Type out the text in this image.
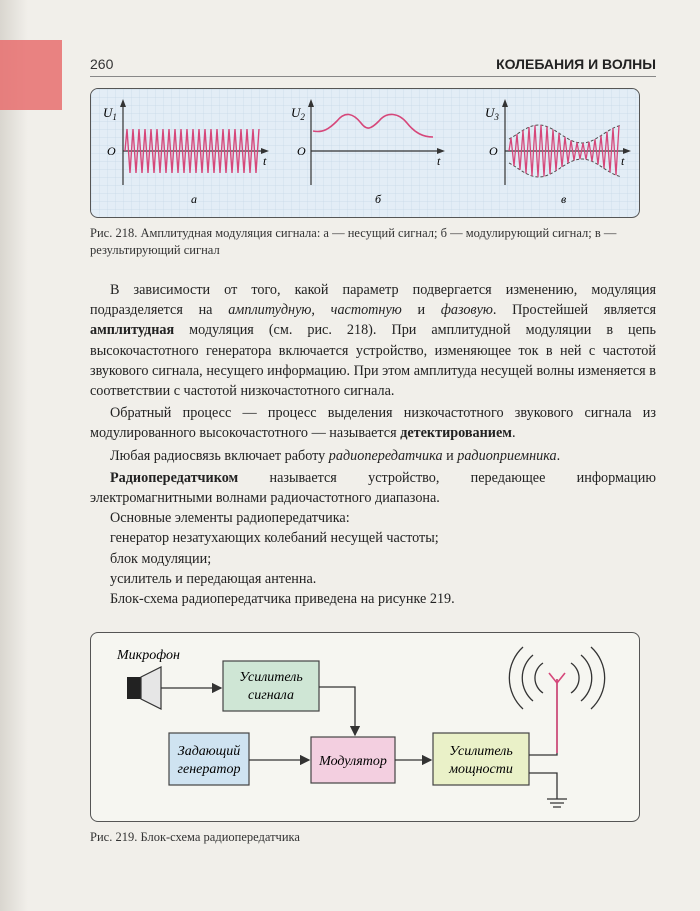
260	КОЛЕБАНИЯ И ВОЛНЫ
$U_1$
O
t
а
$U_2$
O
t
б
$U_3$
O
t
в
Рис. 218. Амплитудная модуляция сигнала: а — несущий сигнал; б — модулирующий сигнал; в — результирующий сигнал

В зависимости от того, какой параметр подвергается изменению, модуляция подразделяется на амплитудную, частотную и фазовую. Простейшей является амплитудная модуляция (см. рис. 218). При амплитудной модуляции в цепь высокочастотного генератора включается устройство, изменяющее ток в ней с частотой звукового сигнала, несущего информацию. При этом амплитуда несущей волны изменяется в соответствии с частотой низкочастотного сигнала.

Обратный процесс — процесс выделения низкочастотного звукового сигнала из модулированного высокочастотного — называется детектированием.

Любая радиосвязь включает работу радиопередатчика и радиоприемника.

Радиопередатчиком называется устройство, передающее информацию электромагнитными волнами радиочастотного диапазона.

Основные элементы радиопередатчика:

генератор незатухающих колебаний несущей частоты;

блок модуляции;

усилитель и передающая антенна.

Блок-схема радиопередатчика приведена на рисунке 219.

Микрофон
Усилитель
сигнала
Задающий
генератор
Модулятор
Усилитель
мощности
Рис. 219. Блок-схема радиопередатчика
